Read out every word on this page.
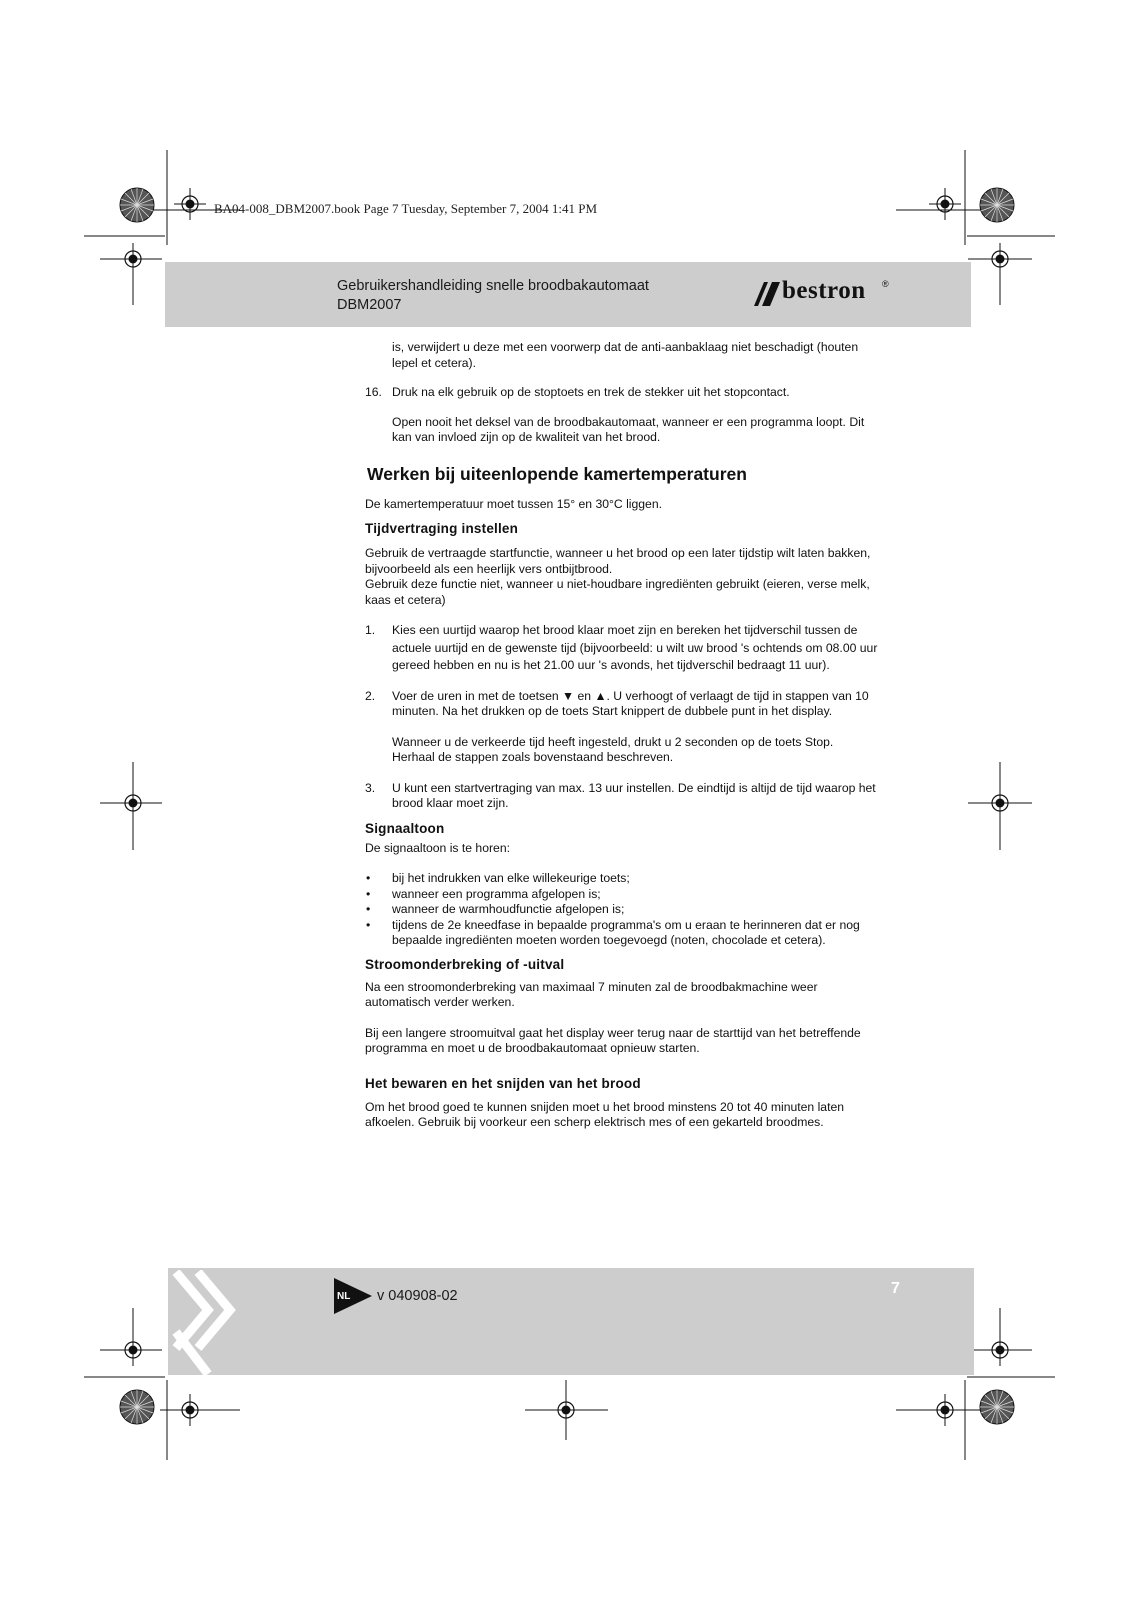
BA04-008_DBM2007.book Page 7 Tuesday, September 7, 2004 1:41 PM
Gebruikershandleiding snelle broodbakautomaat
DBM2007
bestron ®

is, verwijdert u deze met een voorwerp dat de anti-aanbaklaag niet beschadigt (houten lepel et cetera).

16. Druk na elk gebruik op de stoptoets en trek de stekker uit het stopcontact.

Open nooit het deksel van de broodbakautomaat, wanneer er een programma loopt. Dit kan van invloed zijn op de kwaliteit van het brood.

Werken bij uiteenlopende kamertemperaturen

De kamertemperatuur moet tussen 15° en 30°C liggen.

Tijdvertraging instellen

Gebruik de vertraagde startfunctie, wanneer u het brood op een later tijdstip wilt laten bakken, bijvoorbeeld als een heerlijk vers ontbijtbrood.

Gebruik deze functie niet, wanneer u niet-houdbare ingrediënten gebruikt (eieren, verse melk, kaas et cetera)

1. Kies een uurtijd waarop het brood klaar moet zijn en bereken het tijdverschil tussen de actuele uurtijd en de gewenste tijd (bijvoorbeeld: u wilt uw brood 's ochtends om 08.00 uur gereed hebben en nu is het 21.00 uur 's avonds, het tijdverschil bedraagt 11 uur).

2. Voer de uren in met de toetsen ▼ en ▲. U verhoogt of verlaagt de tijd in stappen van 10 minuten. Na het drukken op de toets Start knippert de dubbele punt in het display.

Wanneer u de verkeerde tijd heeft ingesteld, drukt u 2 seconden op de toets Stop. Herhaal de stappen zoals bovenstaand beschreven.

3. U kunt een startvertraging van max. 13 uur instellen. De eindtijd is altijd de tijd waarop het brood klaar moet zijn.

Signaaltoon

De signaaltoon is te horen:

• bij het indrukken van elke willekeurige toets;

• wanneer een programma afgelopen is;

• wanneer de warmhoudfunctie afgelopen is;

• tijdens de 2e kneedfase in bepaalde programma's om u eraan te herinneren dat er nog bepaalde ingrediënten moeten worden toegevoegd (noten, chocolade et cetera).

Stroomonderbreking of -uitval

Na een stroomonderbreking van maximaal 7 minuten zal de broodbakmachine weer automatisch verder werken.

Bij een langere stroomuitval gaat het display weer terug naar de starttijd van het betreffende programma en moet u de broodbakautomaat opnieuw starten.

Het bewaren en het snijden van het brood

Om het brood goed te kunnen snijden moet u het brood minstens 20 tot 40 minuten laten afkoelen. Gebruik bij voorkeur een scherp elektrisch mes of een gekarteld broodmes.

NL v 040908-02	7
